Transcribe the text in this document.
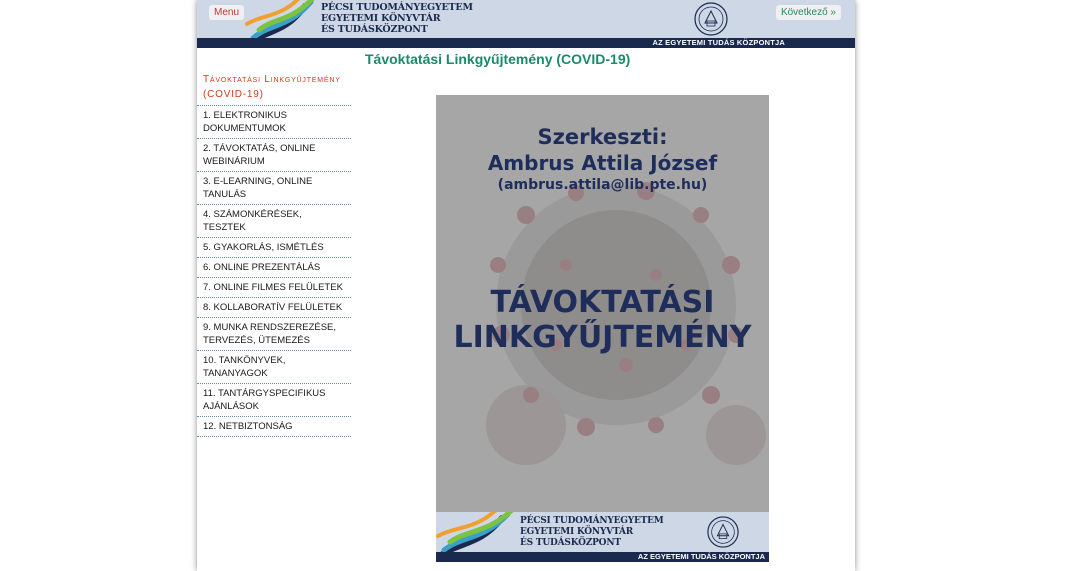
PÉCSI TUDOMÁNYEGYETEM
EGYETEMI KÖNYVTÁR
ÉS TUDÁSKÖZPONT
Menu	Következő »
AZ EGYETEMI TUDÁS KÖZPONTJA
Távoktatási Linkgyűjtemény (COVID-19)
Távoktatási Linkgyűjtemény (COVID-19)
1. ELEKTRONIKUS DOKUMENTUMOK
2. TÁVOKTATÁS, ONLINE WEBINÁRIUM
3. E-LEARNING, ONLINE TANULÁS
4. SZÁMONKÉRÉSEK, TESZTEK
5. GYAKORLÁS, ISMÉTLÉS
6. ONLINE PREZENTÁLÁS
7. ONLINE FILMES FELÜLETEK
8. KOLLABORATÍV FELÜLETEK
9. MUNKA RENDSZEREZÉSE, TERVEZÉS, ÜTEMEZÉS
10. TANKÖNYVEK, TANANYAGOK
11. TANTÁRGYSPECIFIKUS AJÁNLÁSOK
12. NETBIZTONSÁG
Szerkeszti:
Ambrus Attila József
(ambrus.attila@lib.pte.hu)
TÁVOKTATÁSI
LINKGYŰJTEMÉNY
PÉCSI TUDOMÁNYEGYETEM
EGYETEMI KÖNYVTÁR
ÉS TUDÁSKÖZPONT
AZ EGYETEMI TUDÁS KÖZPONTJA
